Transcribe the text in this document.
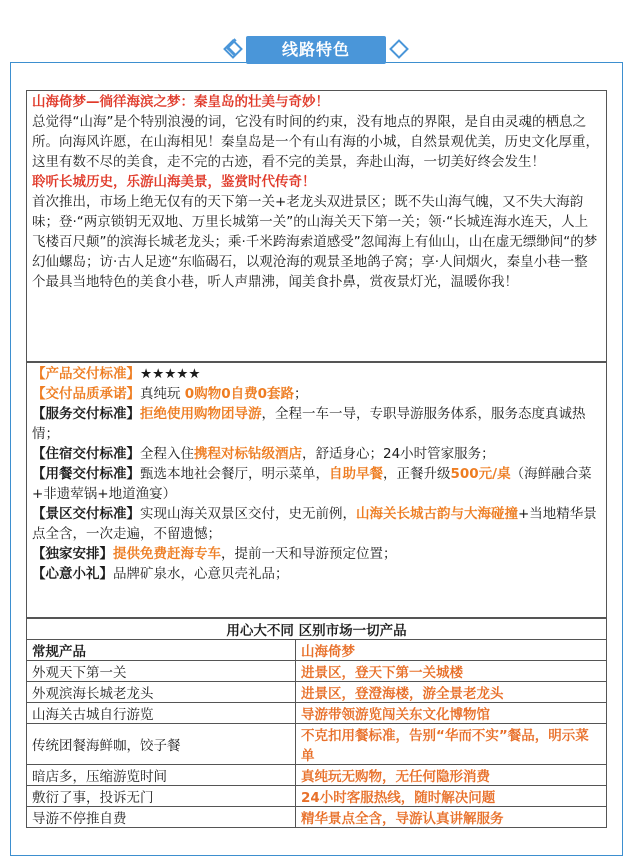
线路特色

山海倚梦—徜徉海滨之梦：秦皇岛的壮美与奇妙！

总觉得“山海”是个特别浪漫的词，它没有时间的约束，没有地点的界限，是自由灵魂的栖息之所。向海风许愿，在山海相见！秦皇岛是一个有山有海的小城，自然景观优美，历史文化厚重，这里有数不尽的美食，走不完的古迹，看不完的美景，奔赴山海，一切美好终会发生！

聆听长城历史，乐游山海美景，鉴赏时代传奇！

首次推出，市场上绝无仅有的天下第一关+老龙头双进景区；既不失山海气魄，又不失大海韵味；登·“两京锁钥无双地、万里长城第一关”的山海关天下第一关；领·“长城连海水连天，人上飞楼百尺颠”的滨海长城老龙头；乘·千米跨海索道感受”忽闻海上有仙山，山在虚无缥缈间“的梦幻仙螺岛；访·古人足迹“东临碣石，以观沧海的观景圣地鸽子窝；享·人间烟火，秦皇小巷一整个最具当地特色的美食小巷，听人声鼎沸，闻美食扑鼻，赏夜景灯光，温暖你我！

【产品交付标准】★★★★★

【交付品质承诺】真纯玩 0购物0自费0套路；

【服务交付标准】拒绝使用购物团导游，全程一车一导，专职导游服务体系，服务态度真诚热情；

【住宿交付标准】全程入住携程对标钻级酒店，舒适身心；24小时管家服务；

【用餐交付标准】甄选本地社会餐厅，明示菜单，自助早餐，正餐升级500元/桌（海鲜融合菜+非遗荤锅+地道渔宴）

【景区交付标准】实现山海关双景区交付，史无前例，山海关长城古韵与大海碰撞+当地精华景点全含，一次走遍，不留遗憾；

【独家安排】提供免费赶海专车，提前一天和导游预定位置；

【心意小礼】品牌矿泉水，心意贝壳礼品；

用心大不同 区别市场一切产品	
常规产品	山海倚梦
外观天下第一关	进景区，登天下第一关城楼
外观滨海长城老龙头	进景区，登澄海楼，游全景老龙头
山海关古城自行游览	导游带领游览闯关东文化博物馆
传统团餐海鲜咖，饺子餐	不克扣用餐标准，告别“华而不实”餐品，明示菜单
暗店多，压缩游览时间	真纯玩无购物，无任何隐形消费
敷衍了事，投诉无门	24小时客服热线，随时解决问题
导游不停推自费	精华景点全含，导游认真讲解服务
